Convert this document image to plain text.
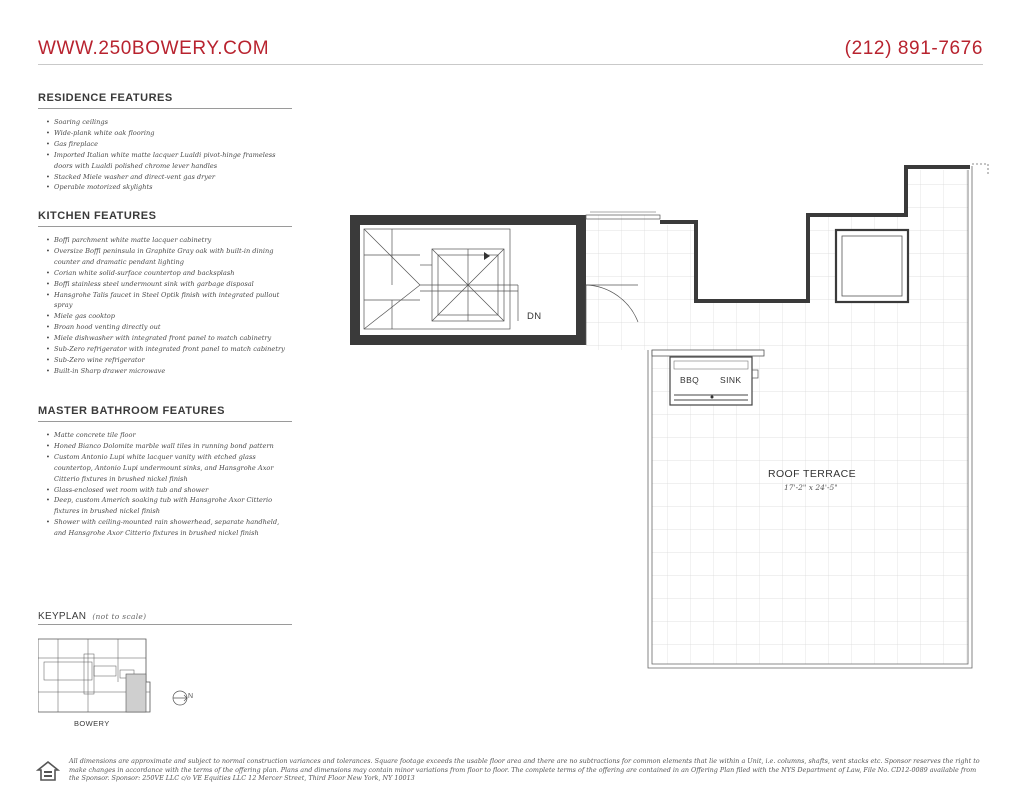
WWW.250BOWERY.COM	(212) 891-7676
RESIDENCE FEATURES
• Soaring ceilings
• Wide-plank white oak flooring
• Gas fireplace
• Imported Italian white matte lacquer Lualdi pivot-hinge frameless doors with Lualdi polished chrome lever handles
• Stacked Miele washer and direct-vent gas dryer
• Operable motorized skylights
KITCHEN FEATURES
• Boffi parchment white matte lacquer cabinetry
• Oversize Boffi peninsula in Graphite Gray oak with built-in dining counter and dramatic pendant lighting
• Corian white solid-surface countertop and backsplash
• Boffi stainless steel undermount sink with garbage disposal
• Hansgrohe Talis faucet in Steel Optik finish with integrated pullout spray
• Miele gas cooktop
• Broan hood venting directly out
• Miele dishwasher with integrated front panel to match cabinetry
• Sub-Zero refrigerator with integrated front panel to match cabinetry
• Sub-Zero wine refrigerator
• Built-in Sharp drawer microwave
MASTER BATHROOM FEATURES
• Matte concrete tile floor
• Honed Bianco Dolomite marble wall tiles in running bond pattern
• Custom Antonio Lupi white lacquer vanity with etched glass countertop, Antonio Lupi undermount sinks, and Hansgrohe Axor Citterio fixtures in brushed nickel finish
• Glass-enclosed wet room with tub and shower
• Deep, custom Americh soaking tub with Hansgrohe Axor Citterio fixtures in brushed nickel finish
• Shower with ceiling-mounted rain showerhead, separate handheld, and Hansgrohe Axor Citterio fixtures in brushed nickel finish
KEYPLAN (not to scale)
N
BOWERY
DN
BBQ SINK
ROOF TERRACE
17'-2" x 24'-5"

All dimensions are approximate and subject to normal construction variances and tolerances. Square footage exceeds the usable floor area and there are no subtractions for common elements that lie within a Unit, i.e. columns, shafts, vent stacks etc. Sponsor reserves the right to make changes in accordance with the terms of the offering plan. Plans and dimensions may contain minor variations from floor to floor. The complete terms of the offering are contained in an Offering Plan filed with the NYS Department of Law, File No. CD12-0089 available from the Sponsor. Sponsor: 250VE LLC c/o VE Equities LLC 12 Mercer Street, Third Floor New York, NY 10013
